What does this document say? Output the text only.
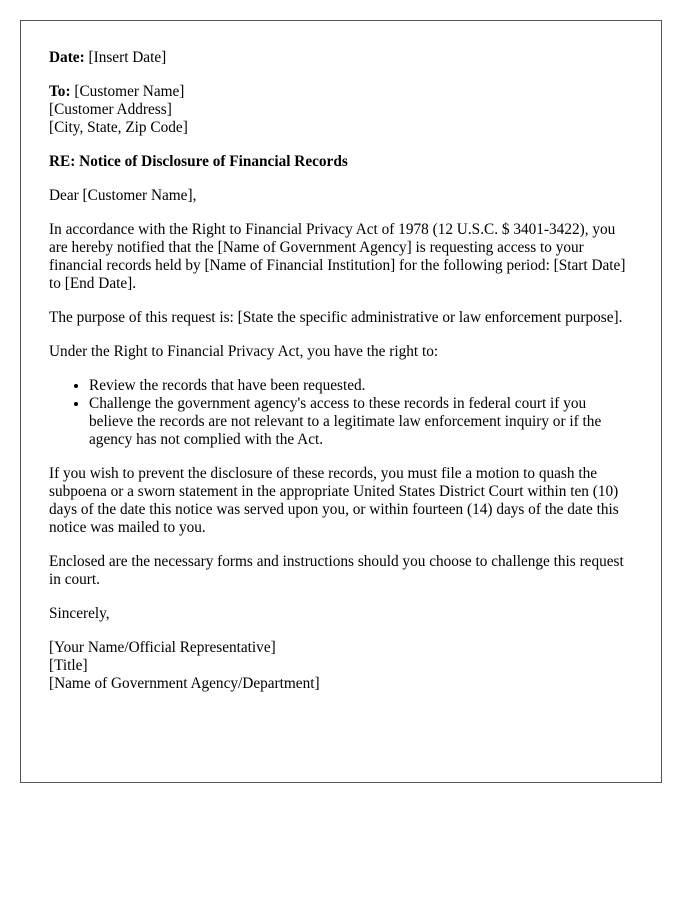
Date: [Insert Date]

To: [Customer Name]
[Customer Address]
[City, State, Zip Code]

RE: Notice of Disclosure of Financial Records

Dear [Customer Name],

In accordance with the Right to Financial Privacy Act of 1978 (12 U.S.C. $ 3401-3422), you are hereby notified that the [Name of Government Agency] is requesting access to your financial records held by [Name of Financial Institution] for the following period: [Start Date] to [End Date].

The purpose of this request is: [State the specific administrative or law enforcement purpose].

Under the Right to Financial Privacy Act, you have the right to:

• Review the records that have been requested.
• Challenge the government agency's access to these records in federal court if you believe the records are not relevant to a legitimate law enforcement inquiry or if the agency has not complied with the Act.

If you wish to prevent the disclosure of these records, you must file a motion to quash the subpoena or a sworn statement in the appropriate United States District Court within ten (10) days of the date this notice was served upon you, or within fourteen (14) days of the date this notice was mailed to you.

Enclosed are the necessary forms and instructions should you choose to challenge this request in court.

Sincerely,

[Your Name/Official Representative]
[Title]
[Name of Government Agency/Department]
